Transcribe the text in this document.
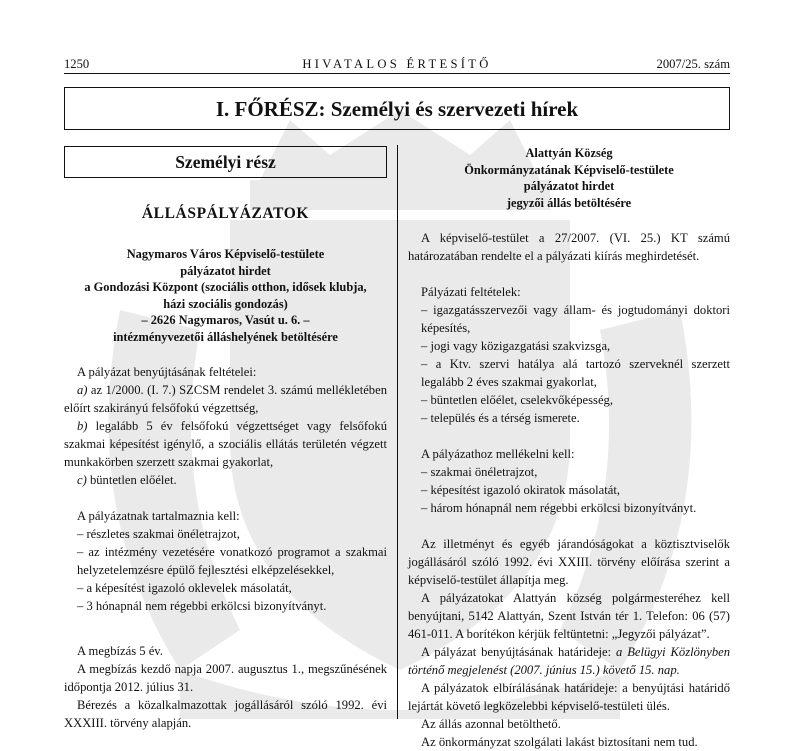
1250	HIVATALOS ÉRTESÍTŐ	2007/25. szám
I. FŐRÉSZ: Személyi és szervezeti hírek
Személyi rész
ÁLLÁSPÁLYÁZATOK
Nagymaros Város Képviselő-testülete
pályázatot hirdet
a Gondozási Központ (szociális otthon, idősek klubja,
házi szociális gondozás)
– 2626 Nagymaros, Vasút u. 6. –
intézményvezetői álláshelyének betöltésére

A pályázat benyújtásának feltételei:

a) az 1/2000. (I. 7.) SZCSM rendelet 3. számú mellékletében előírt szakirányú felsőfokú végzettség,

b) legalább 5 év felsőfokú végzettséget vagy felsőfokú szakmai képesítést igénylő, a szociális ellátás területén végzett munkakörben szerzett szakmai gyakorlat,

c) büntetlen előélet.

A pályázatnak tartalmaznia kell:

– részletes szakmai önéletrajzot,

– az intézmény vezetésére vonatkozó programot a szakmai helyzetelemzésre épülő fejlesztési elképzelésekkel,

– a képesítést igazoló oklevelek másolatát,

– 3 hónapnál nem régebbi erkölcsi bizonyítványt.

A megbízás 5 év.

A megbízás kezdő napja 2007. augusztus 1., megszűnésének időpontja 2012. július 31.

Bérezés a közalkalmazottak jogállásáról szóló 1992. évi XXXIII. törvény alapján.

Alattyán Község
Önkormányzatának Képviselő-testülete
pályázatot hirdet
jegyzői állás betöltésére

A képviselő-testület a 27/2007. (VI. 25.) KT számú határozatában rendelte el a pályázati kiírás meghirdetését.

Pályázati feltételek:

– igazgatásszervezői vagy állam- és jogtudományi doktori képesítés,

– jogi vagy közigazgatási szakvizsga,

– a Ktv. szervi hatálya alá tartozó szerveknél szerzett legalább 2 éves szakmai gyakorlat,

– büntetlen előélet, cselekvőképesség,

– település és a térség ismerete.

A pályázathoz mellékelni kell:

– szakmai önéletrajzot,

– képesítést igazoló okiratok másolatát,

– három hónapnál nem régebbi erkölcsi bizonyítványt.

Az illetményt és egyéb járandóságokat a köztisztviselők jogállásáról szóló 1992. évi XXIII. törvény előírása szerint a képviselő-testület állapítja meg.

A pályázatokat Alattyán község polgármesteréhez kell benyújtani, 5142 Alattyán, Szent István tér 1. Telefon: 06 (57) 461-011. A borítékon kérjük feltüntetni: „Jegyzői pályázat”.

A pályázat benyújtásának határideje: a Belügyi Közlönyben történő megjelenést (2007. június 15.) követő 15. nap.

A pályázatok elbírálásának határideje: a benyújtási határidő lejártát követő legközelebbi képviselő-testületi ülés.

Az állás azonnal betölthető.

Az önkormányzat szolgálati lakást biztosítani nem tud.
